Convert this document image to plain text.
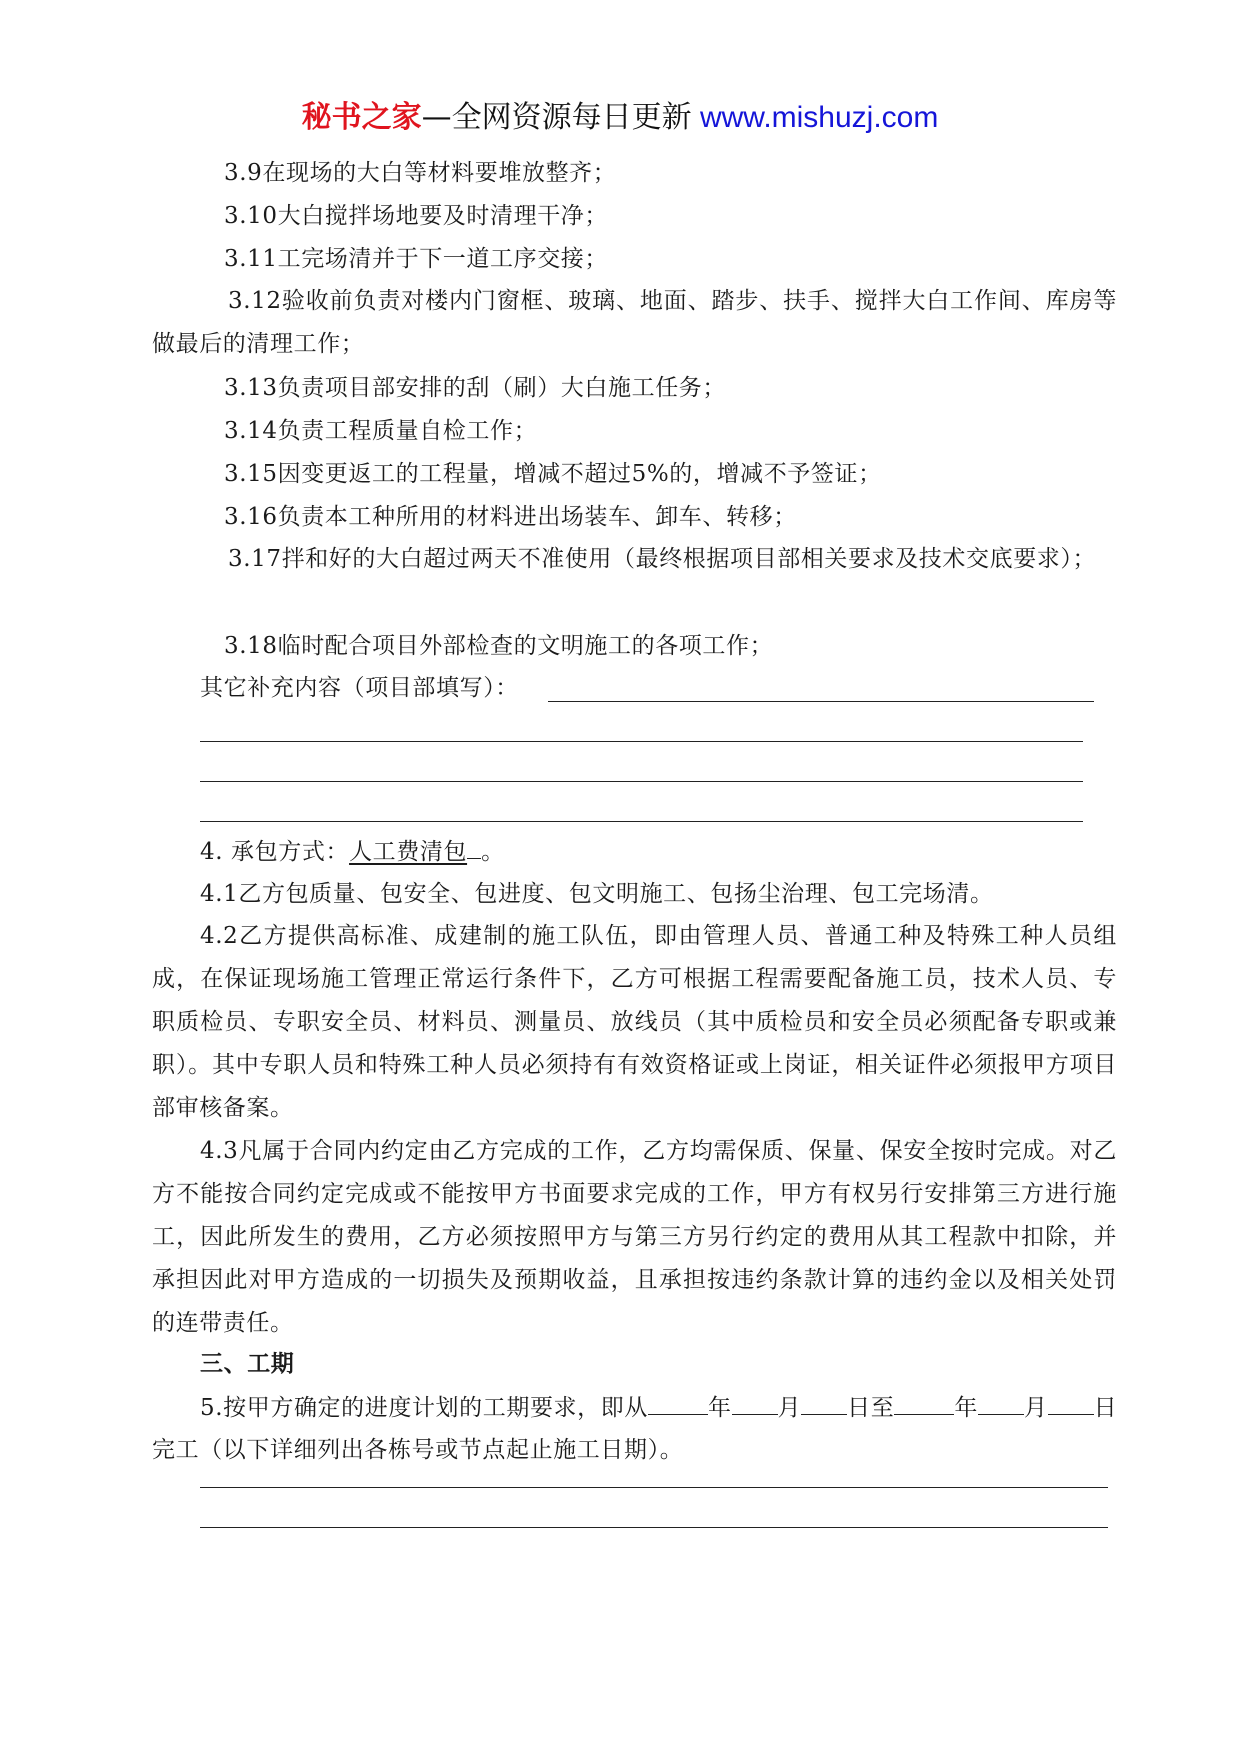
秘书之家—全网资源每日更新 www.mishuzj.com
3.9在现场的大白等材料要堆放整齐；
3.10大白搅拌场地要及时清理干净；
3.11工完场清并于下一道工序交接；
3.12验收前负责对楼内门窗框、玻璃、地面、踏步、扶手、搅拌大白工作间、库房等做最后的清理工作；
3.13负责项目部安排的刮（刷）大白施工任务；
3.14负责工程质量自检工作；
3.15因变更返工的工程量，增减不超过5%的，增减不予签证；
3.16负责本工种所用的材料进出场装车、卸车、转移；
3.17拌和好的大白超过两天不准使用（最终根据项目部相关要求及技术交底要求）；
3.18临时配合项目外部检查的文明施工的各项工作；
其它补充内容（项目部填写）：
4. 承包方式：人工费清包 。
4.1乙方包质量、包安全、包进度、包文明施工、包扬尘治理、包工完场清。
4.2乙方提供高标准、成建制的施工队伍，即由管理人员、普通工种及特殊工种人员组成，在保证现场施工管理正常运行条件下，乙方可根据工程需要配备施工员，技术人员、专职质检员、专职安全员、材料员、测量员、放线员（其中质检员和安全员必须配备专职或兼职）。其中专职人员和特殊工种人员必须持有有效资格证或上岗证，相关证件必须报甲方项目部审核备案。
4.3凡属于合同内约定由乙方完成的工作，乙方均需保质、保量、保安全按时完成。对乙方不能按合同约定完成或不能按甲方书面要求完成的工作，甲方有权另行安排第三方进行施工，因此所发生的费用，乙方必须按照甲方与第三方另行约定的费用从其工程款中扣除，并承担因此对甲方造成的一切损失及预期收益，且承担按违约条款计算的违约金以及相关处罚的连带责任。
三、工期
5.按甲方确定的进度计划的工期要求，即从	年 月 日至	年 月 日
完工（以下详细列出各栋号或节点起止施工日期）。
